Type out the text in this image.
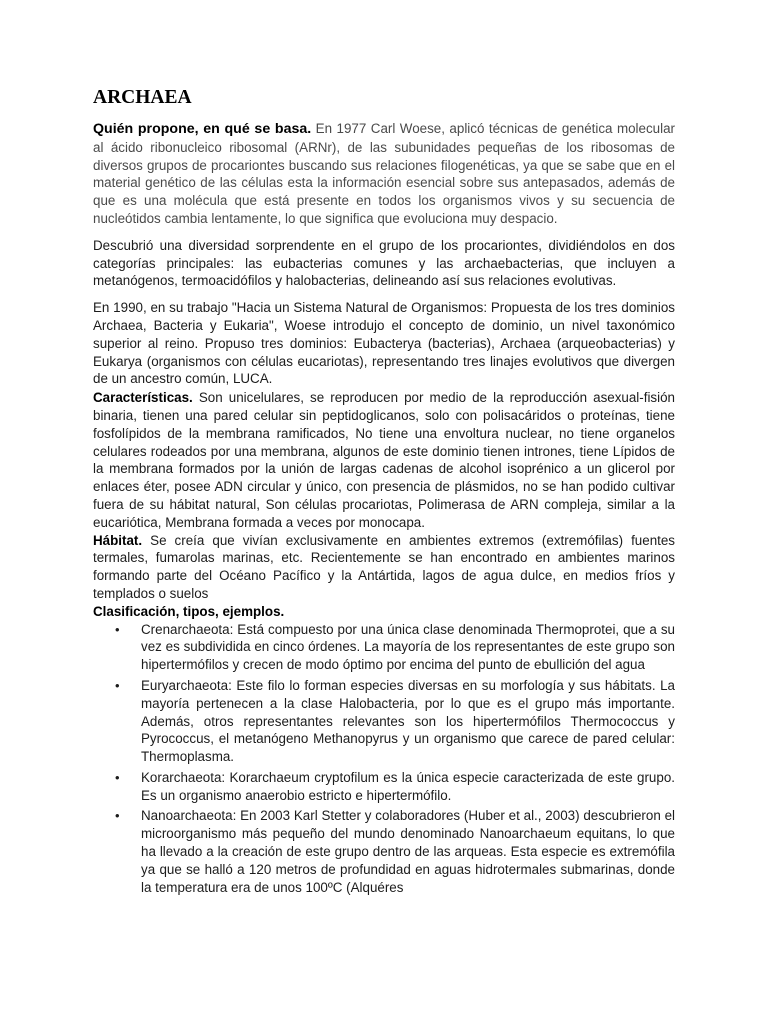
ARCHAEA

Quién propone, en qué se basa. En 1977 Carl Woese, aplicó técnicas de genética molecular al ácido ribonucleico ribosomal (ARNr), de las subunidades pequeñas de los ribosomas de diversos grupos de procariontes buscando sus relaciones filogenéticas, ya que se sabe que en el material genético de las células esta la información esencial sobre sus antepasados, además de que es una molécula que está presente en todos los organismos vivos y su secuencia de nucleótidos cambia lentamente, lo que significa que evoluciona muy despacio.

Descubrió una diversidad sorprendente en el grupo de los procariontes, dividiéndolos en dos categorías principales: las eubacterias comunes y las archaebacterias, que incluyen a metanógenos, termoacidófilos y halobacterias, delineando así sus relaciones evolutivas.

En 1990, en su trabajo "Hacia un Sistema Natural de Organismos: Propuesta de los tres dominios Archaea, Bacteria y Eukaria", Woese introdujo el concepto de dominio, un nivel taxonómico superior al reino. Propuso tres dominios: Eubacterya (bacterias), Archaea (arqueobacterias) y Eukarya (organismos con células eucariotas), representando tres linajes evolutivos que divergen de un ancestro común, LUCA.

Características. Son unicelulares, se reproducen por medio de la reproducción asexual-fisión binaria, tienen una pared celular sin peptidoglicanos, solo con polisacáridos o proteínas, tiene fosfolípidos de la membrana ramificados, No tiene una envoltura nuclear, no tiene organelos celulares rodeados por una membrana, algunos de este dominio tienen intrones, tiene Lípidos de la membrana formados por la unión de largas cadenas de alcohol isoprénico a un glicerol por enlaces éter, posee ADN circular y único, con presencia de plásmidos, no se han podido cultivar fuera de su hábitat natural, Son células procariotas, Polimerasa de ARN compleja, similar a la eucariótica, Membrana formada a veces por monocapa.

Hábitat. Se creía que vivían exclusivamente en ambientes extremos (extremófilas) fuentes termales, fumarolas marinas, etc. Recientemente se han encontrado en ambientes marinos formando parte del Océano Pacífico y la Antártida, lagos de agua dulce, en medios fríos y templados o suelos

Clasificación, tipos, ejemplos.

• Crenarchaeota: Está compuesto por una única clase denominada Thermoprotei, que a su vez es subdividida en cinco órdenes. La mayoría de los representantes de este grupo son hipertermófilos y crecen de modo óptimo por encima del punto de ebullición del agua
• Euryarchaeota: Este filo lo forman especies diversas en su morfología y sus hábitats. La mayoría pertenecen a la clase Halobacteria, por lo que es el grupo más importante. Además, otros representantes relevantes son los hipertermófilos Thermococcus y Pyrococcus, el metanógeno Methanopyrus y un organismo que carece de pared celular: Thermoplasma.
• Korarchaeota: Korarchaeum cryptofilum es la única especie caracterizada de este grupo. Es un organismo anaerobio estricto e hipertermófilo.
• Nanoarchaeota: En 2003 Karl Stetter y colaboradores (Huber et al., 2003) descubrieron el microorganismo más pequeño del mundo denominado Nanoarchaeum equitans, lo que ha llevado a la creación de este grupo dentro de las arqueas. Esta especie es extremófila ya que se halló a 120 metros de profundidad en aguas hidrotermales submarinas, donde la temperatura era de unos 100ºC (Alquéres
